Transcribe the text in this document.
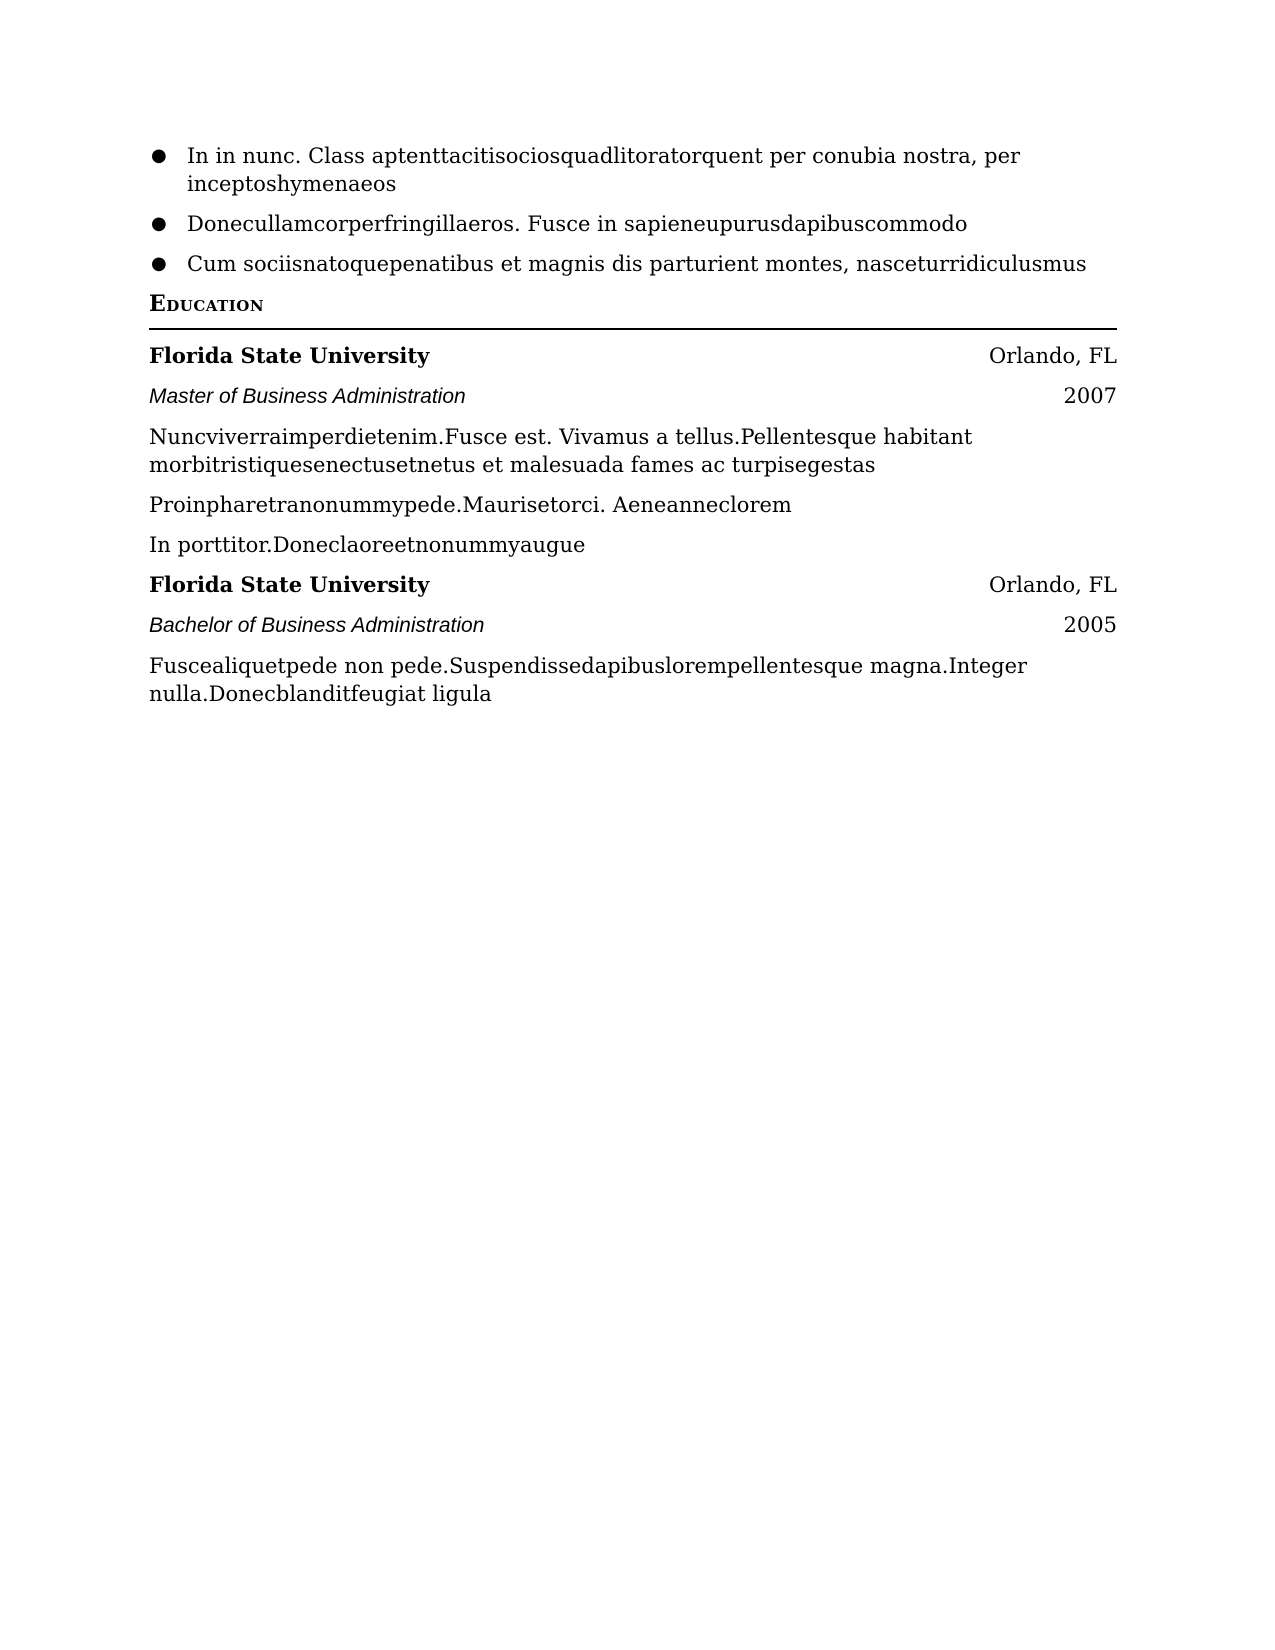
● In in nunc. Class aptenttacitisociosquadlitoratorquent per conubia nostra, per inceptoshymenaeos
● Donecullamcorperfringillaeros. Fusce in sapieneupurusdapibuscommodo
● Cum sociisnatoquepenatibus et magnis dis parturient montes, nasceturridiculusmus
Education
Florida State University	Orlando, FL
Master of Business Administration	2007

Nuncviverraimperdietenim.Fusce est. Vivamus a tellus.Pellentesque habitant morbitristiquesenectusetnetus et malesuada fames ac turpisegestas

Proinpharetranonummypede.Maurisetorci. Aeneanneclorem

In porttitor.Doneclaoreetnonummyaugue

Florida State University	Orlando, FL
Bachelor of Business Administration	2005

Fuscealiquetpede non pede.Suspendissedapibuslorempellentesque magna.Integer nulla.Donecblanditfeugiat ligula
